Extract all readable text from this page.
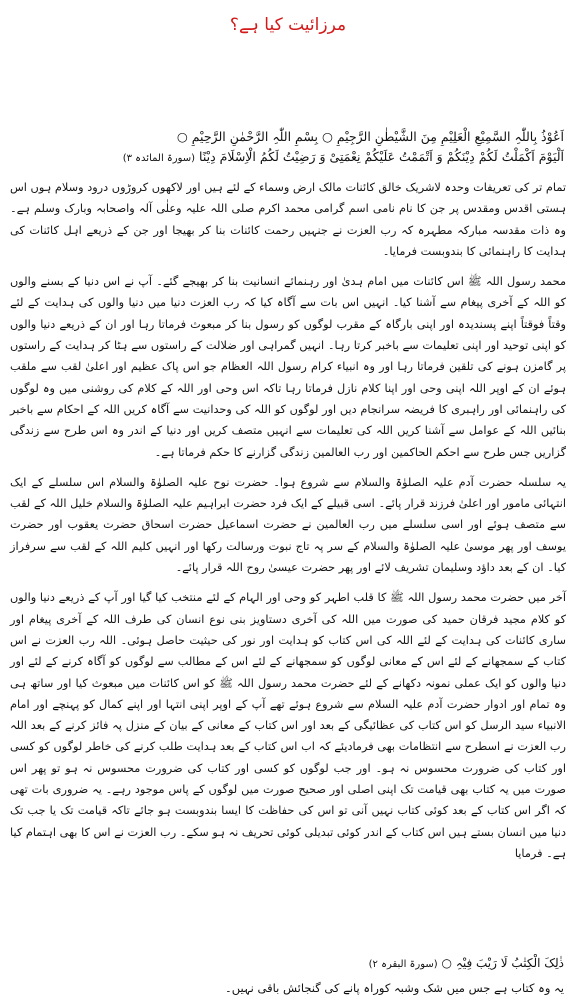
مرزائیت کیا ہے؟
اَعُوْذُ بِاللّٰہِ السَّمِیْعِ الْعَلِیْمِ مِنَ الشَّیْطٰنِ الرَّجِیْمِ ○ بِسْمِ اللّٰہِ الرَّحْمٰنِ الرَّحِیْمِ ○
اَلْیَوْمَ اَکْمَلْتُ لَکُمْ دِیْنَکُمْ وَ اَتْمَمْتُ عَلَیْکُمْ نِعْمَتِیْ وَ رَضِیْتُ لَکُمُ الْاِسْلَامَ دِیْنًا (سورۃ المائدہ ۳)

تمام تر کی تعریفات وحدہ لاشریک خالق کائنات مالک ارض وسماء کے لئے ہیں اور لاکھوں کروڑوں درود وسلام ہوں اس ہستی اقدس ومقدس پر جن کا نام نامی اسم گرامی محمد اکرم صلی اللہ علیہ وعلٰی آلہ واصحابہ وبارک وسلم ہے۔ وہ ذات مقدسہ مبارکہ مطہرہ کہ رب العزت نے جنہیں رحمت کائنات بنا کر بھیجا اور جن کے ذریعے اہل کائنات کی ہدایت کا راہنمائی کا بندوبست فرمایا۔

محمد رسول اللہ ﷺ اس کائنات میں امام ہدیٰ اور رہنمائے انسانیت بنا کر بھیجے گئے۔ آپ نے اس دنیا کے بسنے والوں کو اللہ کے آخری پیغام سے آشنا کیا۔ انہیں اس بات سے آگاہ کیا کہ رب العزت دنیا میں دنیا والوں کی ہدایت کے لئے وقتاً فوقتاً اپنے پسندیدہ اور اپنی بارگاہ کے مقرب لوگوں کو رسول بنا کر مبعوث فرماتا رہا اور ان کے ذریعے دنیا والوں کو اپنی توحید اور اپنی تعلیمات سے باخبر کرتا رہا۔ انہیں گمراہی اور ضلالت کے راستوں سے ہٹا کر ہدایت کے راستوں پر گامزن ہونے کی تلقین فرماتا رہا اور وہ انبیاء کرام رسول اللہ العظام جو اس پاک عظیم اور اعلیٰ لقب سے ملقب ہوئے ان کے اوپر اللہ اپنی وحی اور اپنا کلام نازل فرماتا رہا تاکہ اس وحی اور اللہ کے کلام کی روشنی میں وہ لوگوں کی راہنمائی اور راہبری کا فریضہ سرانجام دیں اور لوگوں کو اللہ کی وحدانیت سے آگاہ کریں اللہ کے احکام سے باخبر بنائیں اللہ کے عوامل سے آشنا کریں اللہ کی تعلیمات سے انہیں متصف کریں اور دنیا کے اندر وہ اس طرح سے زندگی گزاریں جس طرح سے احکم الحاکمین اور رب العالمین زندگی گزارنے کا حکم فرماتا ہے۔

یہ سلسلہ حضرت آدم علیہ الصلوٰۃ والسلام سے شروع ہوا۔ حضرت نوح علیہ الصلوٰۃ والسلام اس سلسلے کے ایک انتہائی مامور اور اعلیٰ فرزند قرار پائے۔ اسی قبیلے کے ایک فرد حضرت ابراہیم علیہ الصلوٰۃ والسلام خلیل اللہ کے لقب سے متصف ہوئے اور اسی سلسلے میں رب العالمین نے حضرت اسماعیل حضرت اسحاق حضرت یعقوب اور حضرت یوسف اور پھر موسیٰ علیہ الصلوٰۃ والسلام کے سر پہ تاج نبوت ورسالت رکھا اور انہیں کلیم اللہ کے لقب سے سرفراز کیا۔ ان کے بعد داؤد وسلیمان تشریف لائے اور پھر حضرت عیسیٰ روح اللہ قرار پائے۔

آخر میں حضرت محمد رسول اللہ ﷺ کا قلب اطہر کو وحی اور الہام کے لئے منتخب کیا گیا اور آپ کے ذریعے دنیا والوں کو کلام مجید فرقان حمید کی صورت میں اللہ کی آخری دستاویز بنی نوع انسان کی طرف اللہ کے آخری پیغام اور ساری کائنات کی ہدایت کے لئے اللہ کی اس کتاب کو ہدایت اور نور کی حیثیت حاصل ہوئی۔ اللہ رب العزت نے اس کتاب کے سمجھانے کے لئے اس کے معانی لوگوں کو سمجھانے کے لئے اس کے مطالب سے لوگوں کو آگاہ کرنے کے لئے اور دنیا والوں کو ایک عملی نمونہ دکھانے کے لئے حضرت محمد رسول اللہ ﷺ کو اس کائنات میں مبعوث کیا اور ساتھ ہی وہ تمام اور ادوار حضرت آدم علیہ السلام سے شروع ہوئے تھے آپ کے اوپر اپنی انتہا اور اپنے کمال کو پہنچے اور امام الانبیاء سید الرسل کو اس کتاب کی عظائیگی کے بعد اور اس کتاب کے معانی کے بیان کے منزل پہ فائز کرنے کے بعد اللہ رب العزت نے اسطرح سے انتظامات بھی فرمادیئے کہ اب اس کتاب کے بعد ہدایت طلب کرنے کی خاطر لوگوں کو کسی اور کتاب کی ضرورت محسوس نہ ہو۔ اور جب لوگوں کو کسی اور کتاب کی ضرورت محسوس نہ ہو تو پھر اس صورت میں یہ کتاب بھی قیامت تک اپنی اصلی اور صحیح صورت میں لوگوں کے پاس موجود رہے۔ یہ ضروری بات تھی کہ اگر اس کتاب کے بعد کوئی کتاب نہیں آنی تو اس کی حفاظت کا ایسا بندوبست ہو جائے تاکہ قیامت تک یا جب تک دنیا میں انسان بستے ہیں اس کتاب کے اندر کوئی تبدیلی کوئی تحریف نہ ہو سکے۔ رب العزت نے اس کا بھی اہتمام کیا ہے۔ فرمایا

ذٰلِکَ الْکِتٰبُ لَا رَیْبَ فِیْہِ ○ (سورۃ البقرہ ۲)
یہ وہ کتاب ہے جس میں شک وشبہ کوراہ پانے کی گنجائش باقی نہیں۔
